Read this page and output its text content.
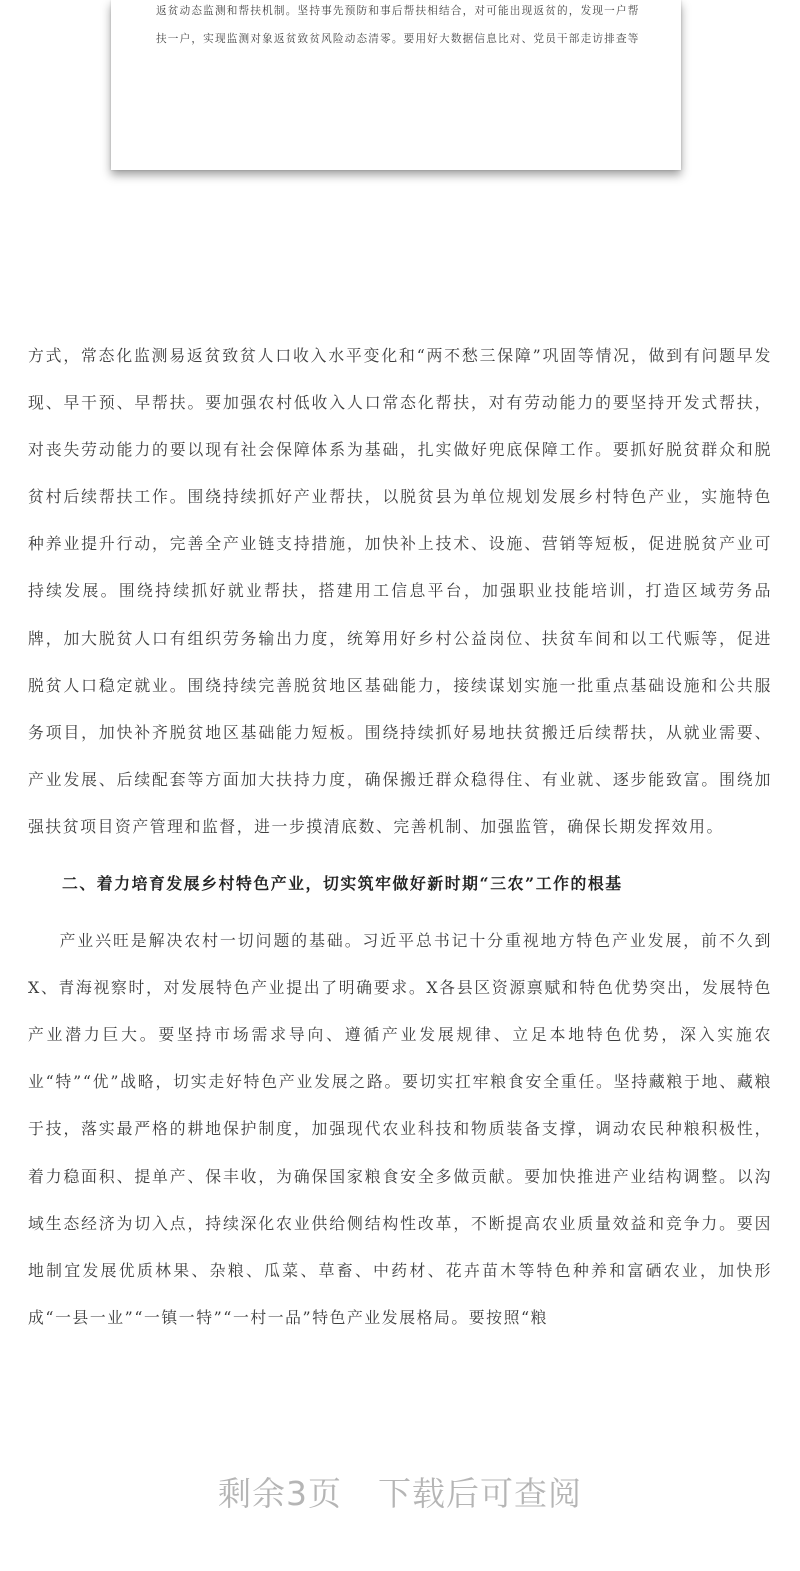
返贫动态监测和帮扶机制。坚持事先预防和事后帮扶相结合，对可能出现返贫的，发现一户帮

扶一户，实现监测对象返贫致贫风险动态清零。要用好大数据信息比对、党员干部走访排查等

方式，常态化监测易返贫致贫人口收入水平变化和“两不愁三保障”巩固等情况，做到有问题早发现、早干预、早帮扶。要加强农村低收入人口常态化帮扶，对有劳动能力的要坚持开发式帮扶，对丧失劳动能力的要以现有社会保障体系为基础，扎实做好兜底保障工作。要抓好脱贫群众和脱贫村后续帮扶工作。围绕持续抓好产业帮扶，以脱贫县为单位规划发展乡村特色产业，实施特色种养业提升行动，完善全产业链支持措施，加快补上技术、设施、营销等短板，促进脱贫产业可持续发展。围绕持续抓好就业帮扶，搭建用工信息平台，加强职业技能培训，打造区域劳务品牌，加大脱贫人口有组织劳务输出力度，统筹用好乡村公益岗位、扶贫车间和以工代赈等，促进脱贫人口稳定就业。围绕持续完善脱贫地区基础能力，接续谋划实施一批重点基础设施和公共服务项目，加快补齐脱贫地区基础能力短板。围绕持续抓好易地扶贫搬迁后续帮扶，从就业需要、产业发展、后续配套等方面加大扶持力度，确保搬迁群众稳得住、有业就、逐步能致富。围绕加强扶贫项目资产管理和监督，进一步摸清底数、完善机制、加强监管，确保长期发挥效用。

二、着力培育发展乡村特色产业，切实筑牢做好新时期“三农”工作的根基

产业兴旺是解决农村一切问题的基础。习近平总书记十分重视地方特色产业发展，前不久到X、青海视察时，对发展特色产业提出了明确要求。X各县区资源禀赋和特色优势突出，发展特色产业潜力巨大。要坚持市场需求导向、遵循产业发展规律、立足本地特色优势，深入实施农业“特”“优”战略，切实走好特色产业发展之路。要切实扛牢粮食安全重任。坚持藏粮于地、藏粮于技，落实最严格的耕地保护制度，加强现代农业科技和物质装备支撑，调动农民种粮积极性，着力稳面积、提单产、保丰收，为确保国家粮食安全多做贡献。要加快推进产业结构调整。以沟域生态经济为切入点，持续深化农业供给侧结构性改革，不断提高农业质量效益和竞争力。要因地制宜发展优质林果、杂粮、瓜菜、草畜、中药材、花卉苗木等特色种养和富硒农业，加快形成“一县一业”“一镇一特”“一村一品”特色产业发展格局。要按照“粮

剩余3页 下载后可查阅
